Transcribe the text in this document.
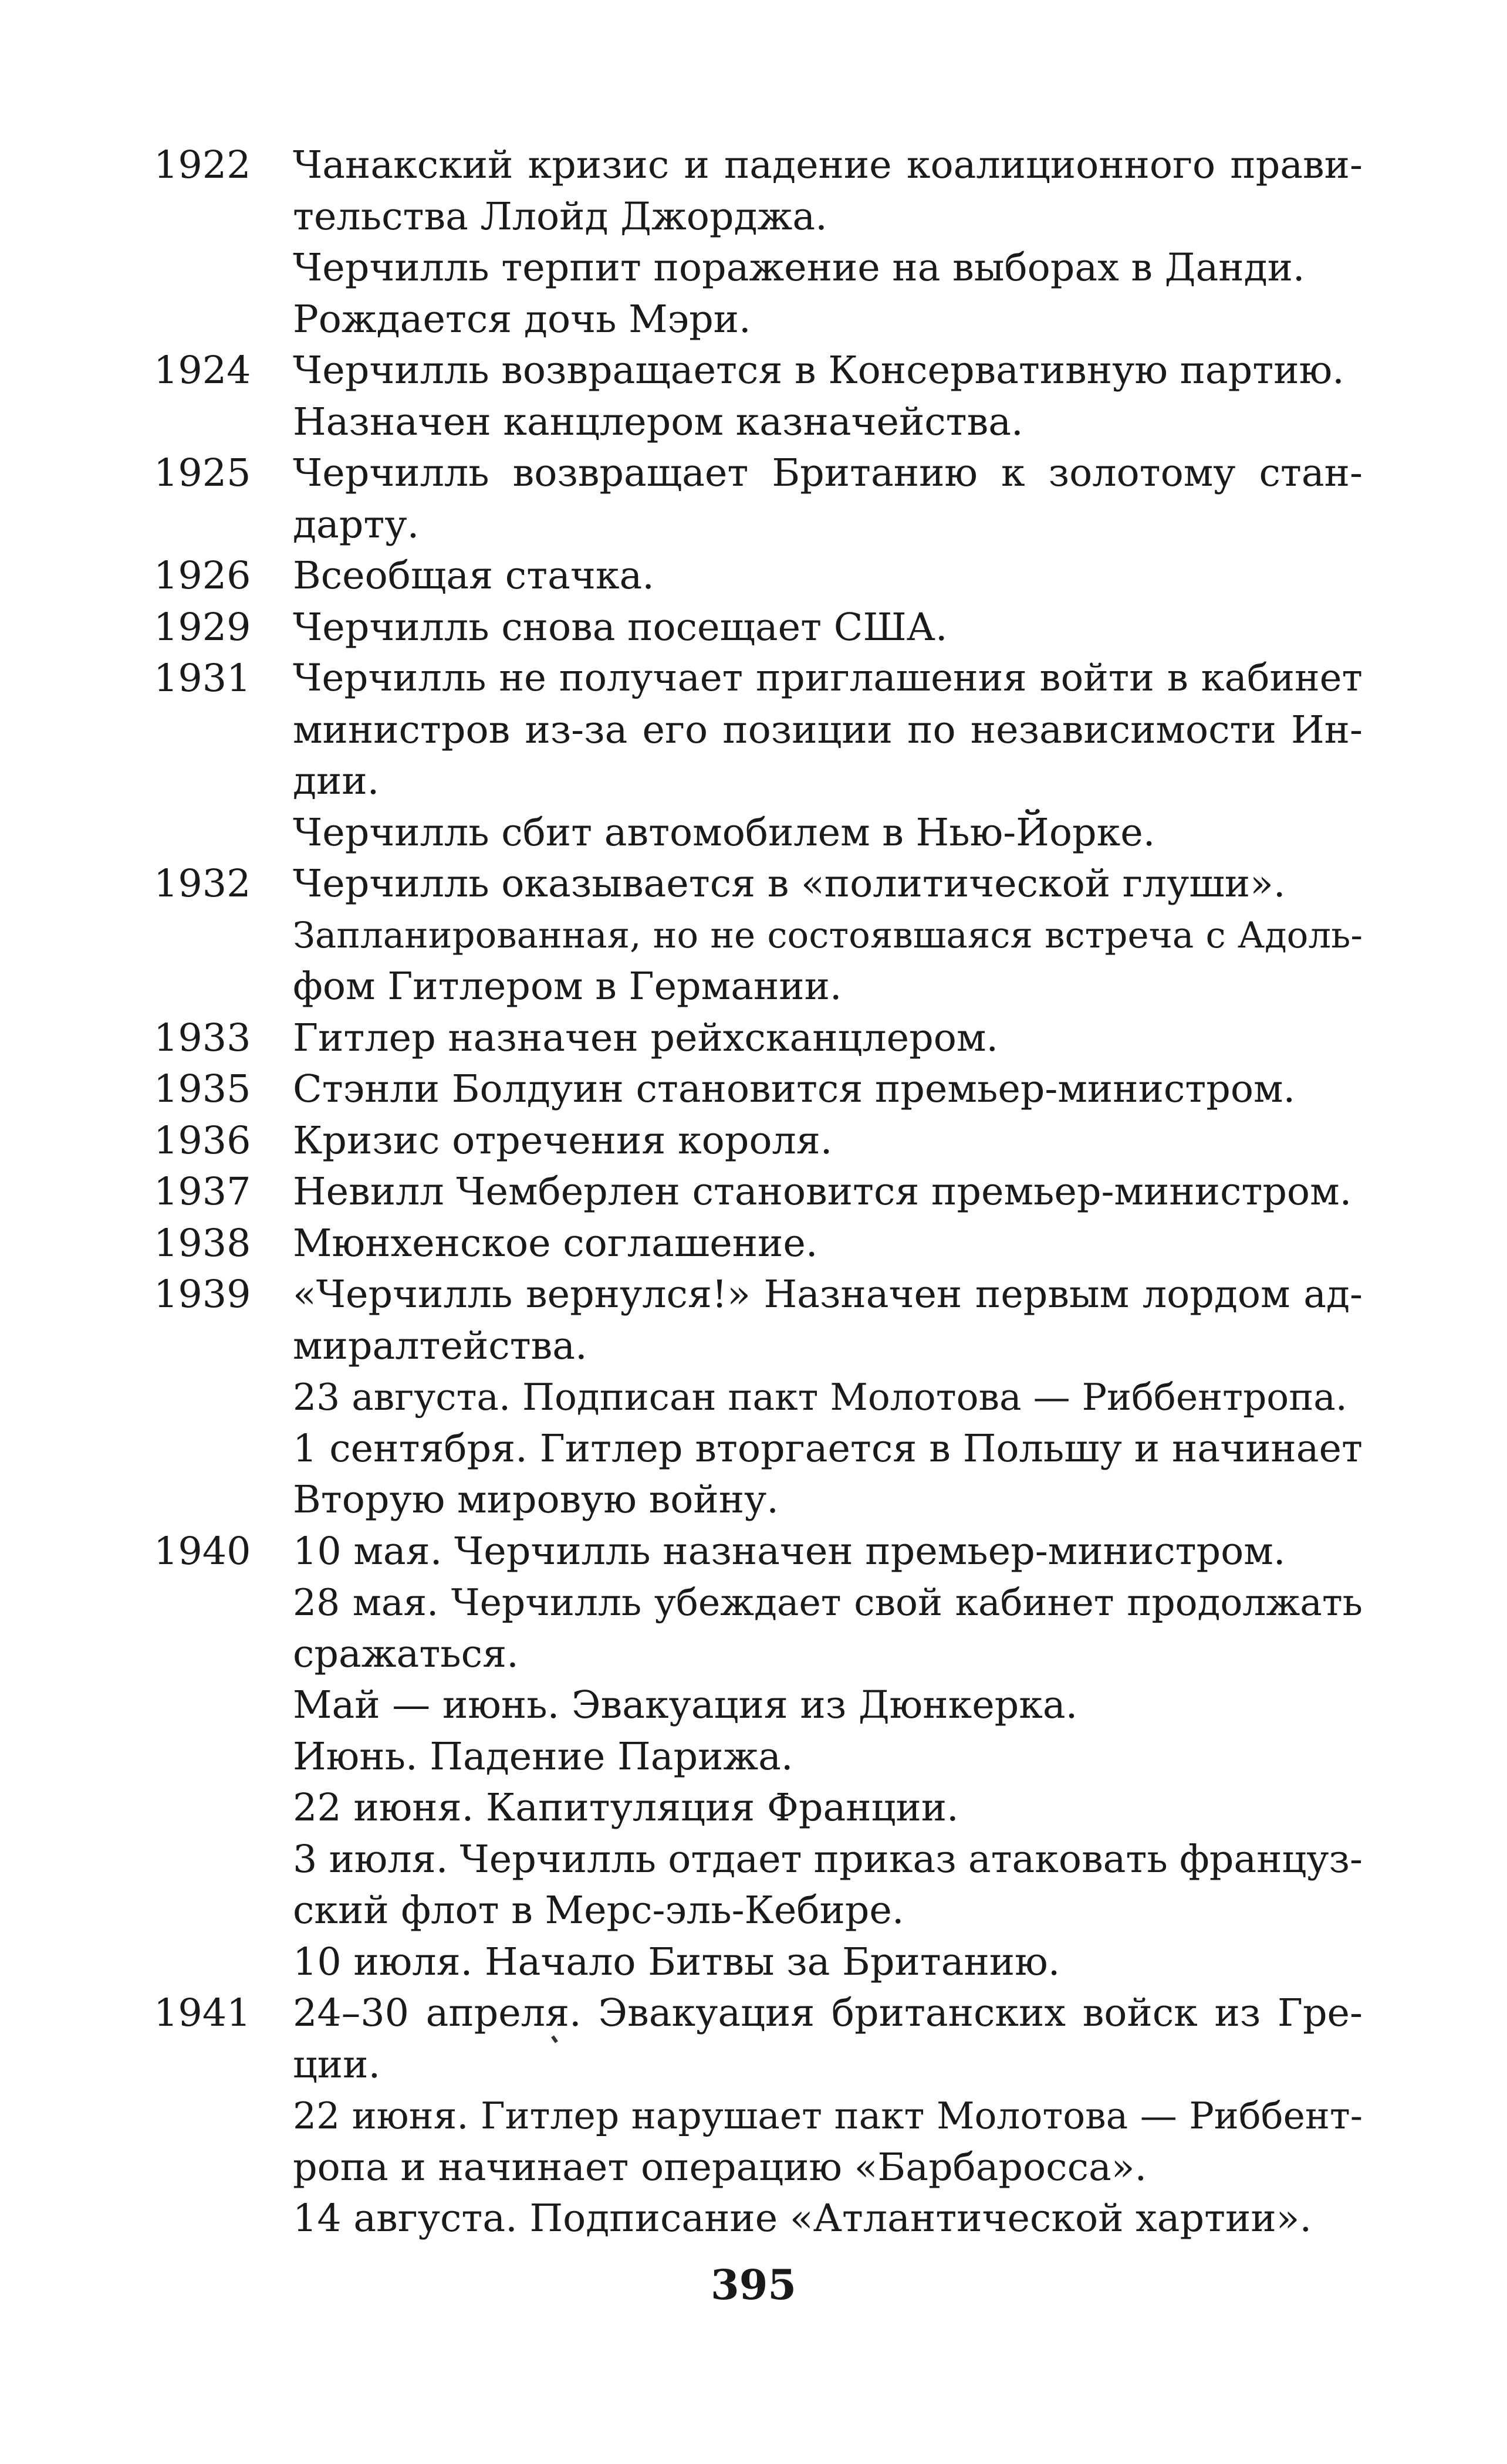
1922	Чанакский кризис и падение коалиционного прави-
тельства Ллойд Джорджа.
Черчилль терпит поражение на выборах в Данди.
Рождается дочь Мэри.
1924	Черчилль возвращается в Консервативную партию.
Назначен канцлером казначейства.
1925	Черчилль возвращает Британию к золотому стан-
дарту.
1926	Всеобщая стачка.
1929	Черчилль снова посещает США.
1931	Черчилль не получает приглашения войти в кабинет
министров из-за его позиции по независимости Ин-
дии.
Черчилль сбит автомобилем в Нью-Йорке.
1932	Черчилль оказывается в «политической глуши».
Запланированная, но не состоявшаяся встреча с Адоль-
фом Гитлером в Германии.
1933	Гитлер назначен рейхсканцлером.
1935	Стэнли Болдуин становится премьер-министром.
1936	Кризис отречения короля.
1937	Невилл Чемберлен становится премьер-министром.
1938	Мюнхенское соглашение.
1939	«Черчилль вернулся!» Назначен первым лордом ад-
миралтейства.
23 августа. Подписан пакт Молотова — Риббентропа.
1 сентября. Гитлер вторгается в Польшу и начинает
Вторую мировую войну.
1940	10 мая. Черчилль назначен премьер-министром.
28 мая. Черчилль убеждает свой кабинет продолжать
сражаться.
Май — июнь. Эвакуация из Дюнкерка.
Июнь. Падение Парижа.
22 июня. Капитуляция Франции.
3 июля. Черчилль отдает приказ атаковать француз-
ский флот в Мерс-эль-Кебире.
10 июля. Начало Битвы за Британию.
1941	24–30 апреля. Эвакуация британских войск из Гре-
ции.
22 июня. Гитлер нарушает пакт Молотова — Риббент-
ропа и начинает операцию «Барбаросса».
14 августа. Подписание «Атлантической хартии».
395
